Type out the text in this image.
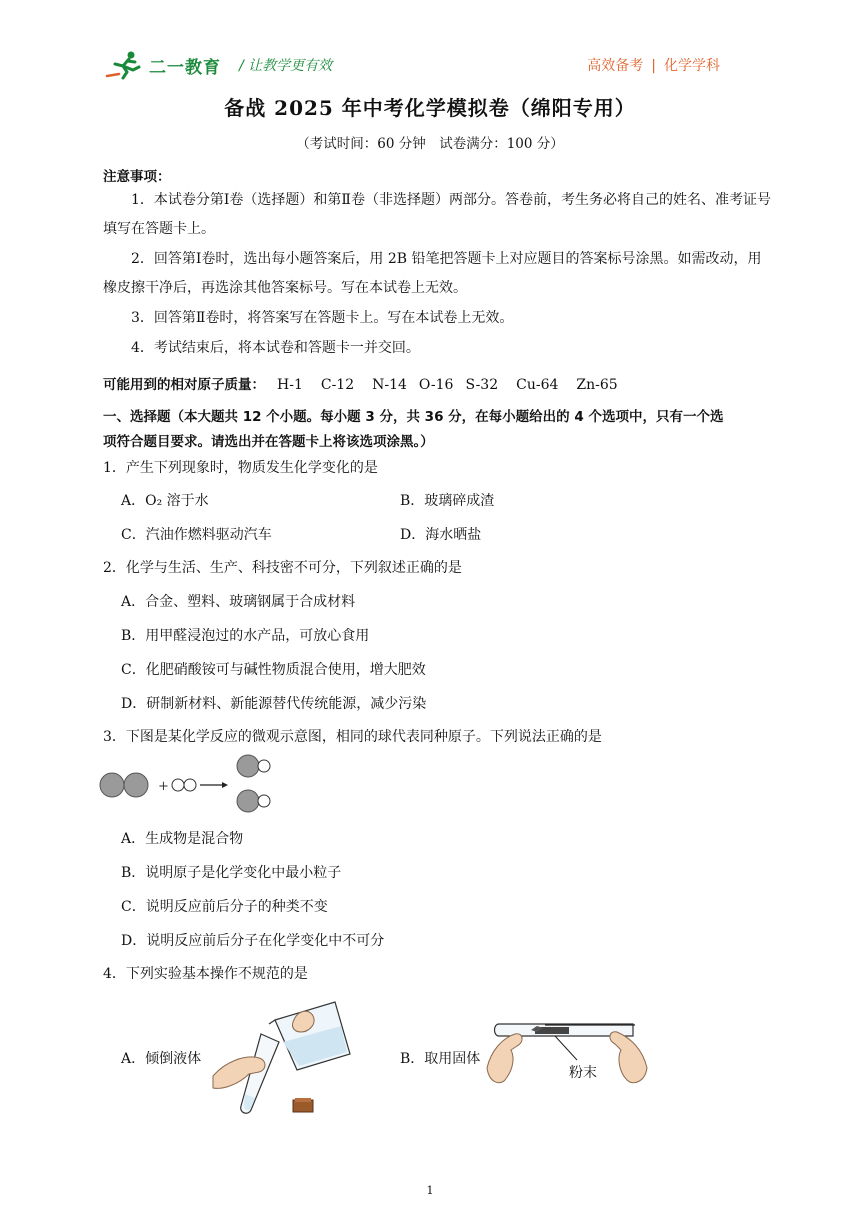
二一教育 / 让教学更有效	高效备考 | 化学学科
备战 2025 年中考化学模拟卷（绵阳专用）
（考试时间：60 分钟　试卷满分：100 分）
注意事项：
1．本试卷分第Ⅰ卷（选择题）和第Ⅱ卷（非选择题）两部分。答卷前，考生务必将自己的姓名、准考证号填写在答题卡上。
2．回答第Ⅰ卷时，选出每小题答案后，用 2B 铅笔把答题卡上对应题目的答案标号涂黑。如需改动，用橡皮擦干净后，再选涂其他答案标号。写在本试卷上无效。
3．回答第Ⅱ卷时，将答案写在答题卡上。写在本试卷上无效。
4．考试结束后，将本试卷和答题卡一并交回。
可能用到的相对原子质量： H-1 C-12 N-14 O-16 S-32 Cu-64 Zn-65
一、选择题（本大题共 12 个小题。每小题 3 分，共 36 分，在每小题给出的 4 个选项中，只有一个选
项符合题目要求。请选出并在答题卡上将该选项涂黑。）
1．产生下列现象时，物质发生化学变化的是
A．O₂ 溶于水	B．玻璃碎成渣
C．汽油作燃料驱动汽车	D．海水晒盐
2．化学与生活、生产、科技密不可分，下列叙述正确的是
A．合金、塑料、玻璃钢属于合成材料
B．用甲醛浸泡过的水产品，可放心食用
C．化肥硝酸铵可与碱性物质混合使用，增大肥效
D．研制新材料、新能源替代传统能源，减少污染
3．下图是某化学反应的微观示意图，相同的球代表同种原子。下列说法正确的是
+
A．生成物是混合物
B．说明原子是化学变化中最小粒子
C．说明反应前后分子的种类不变
D．说明反应前后分子在化学变化中不可分
4．下列实验基本操作不规范的是
A．倾倒液体	B．取用固体
粉末
1
